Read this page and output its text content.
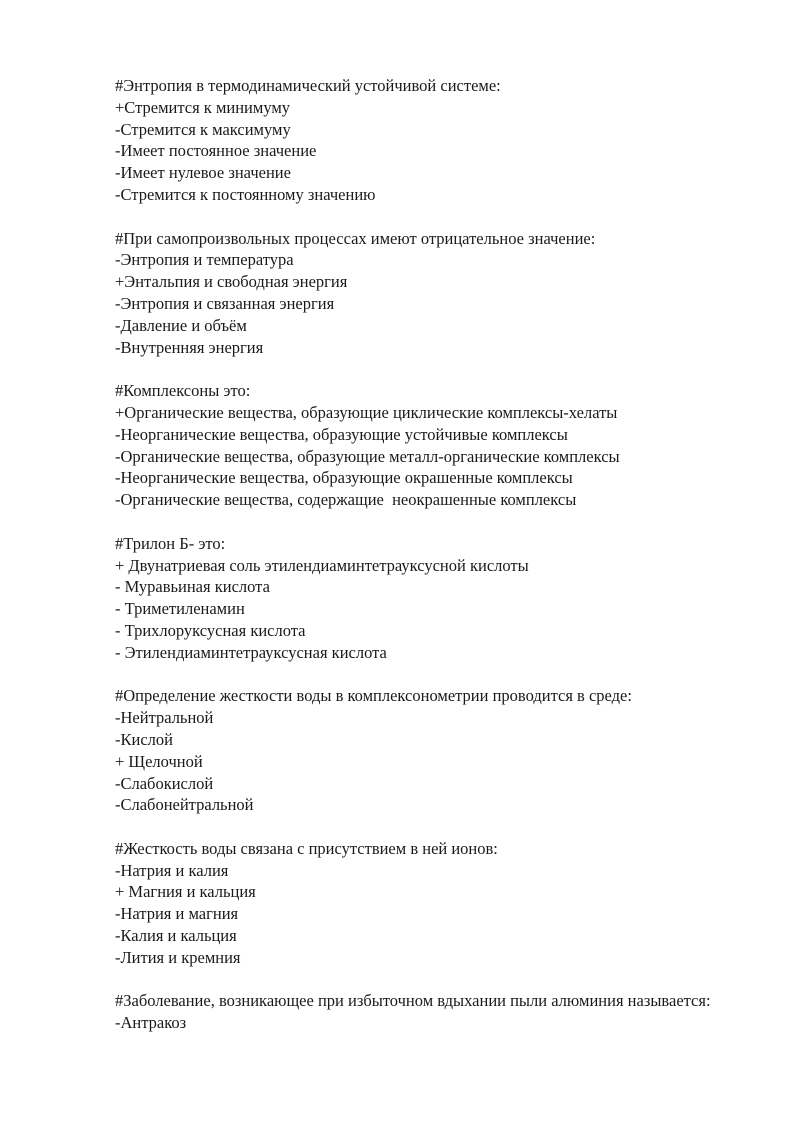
#Энтропия в термодинамический устойчивой системе:
+Стремится к минимуму
-Стремится к максимуму
-Имеет постоянное значение
-Имеет нулевое значение
-Стремится к постоянному значению
#При самопроизвольных процессах имеют отрицательное значение:
-Энтропия и температура
+Энтальпия и свободная энергия
-Энтропия и связанная энергия
-Давление и объём
-Внутренняя энергия
#Комплексоны это:
+Органические вещества, образующие циклические комплексы-хелаты
-Неорганические вещества, образующие устойчивые комплексы
-Органические вещества, образующие металл-органические комплексы
-Неорганические вещества, образующие окрашенные комплексы
-Органические вещества, содержащие  неокрашенные комплексы
#Трилон Б- это:
+ Двунатриевая соль этилендиаминтетрауксусной кислоты
- Муравьиная кислота
- Триметиленамин
- Трихлоруксусная кислота
- Этилендиаминтетрауксусная кислота
#Определение жесткости воды в комплексонометрии проводится в среде:
-Нейтральной
-Кислой
+ Щелочной
-Слабокислой
-Слабонейтральной
#Жесткость воды связана с присутствием в ней ионов:
-Натрия и калия
+ Магния и кальция
-Натрия и магния
-Калия и кальция
-Лития и кремния
#Заболевание, возникающее при избыточном вдыхании пыли алюминия называется:
-Антракоз
